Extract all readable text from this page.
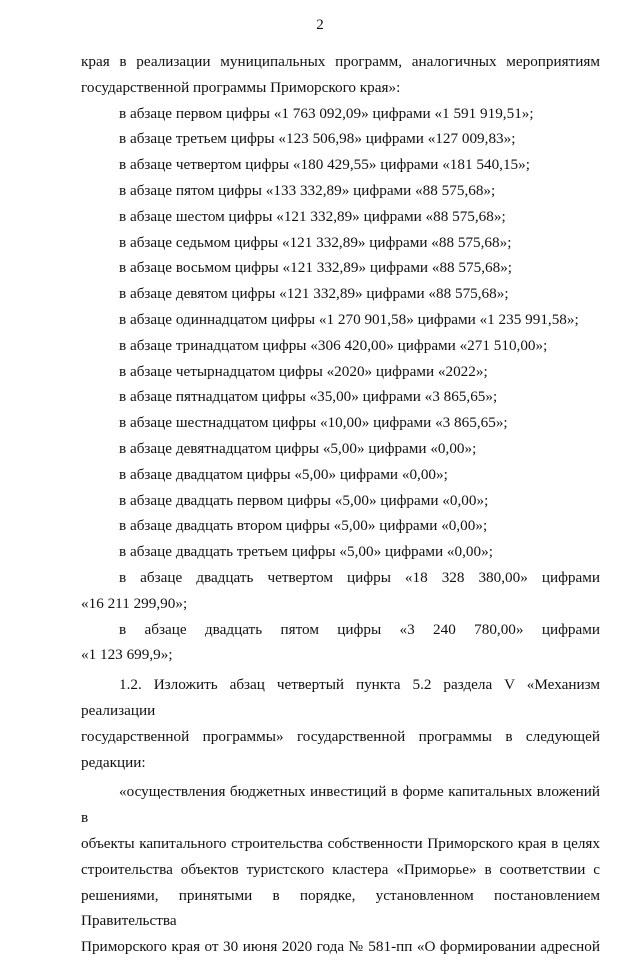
2
края в реализации муниципальных программ, аналогичных мероприятиям
государственной программы Приморского края»:
в абзаце первом цифры «1 763 092,09» цифрами «1 591 919,51»;
в абзаце третьем цифры «123 506,98» цифрами «127 009,83»;
в абзаце четвертом цифры «180 429,55» цифрами «181 540,15»;
в абзаце пятом цифры «133 332,89» цифрами «88 575,68»;
в абзаце шестом цифры «121 332,89» цифрами «88 575,68»;
в абзаце седьмом цифры «121 332,89» цифрами «88 575,68»;
в абзаце восьмом цифры «121 332,89» цифрами «88 575,68»;
в абзаце девятом цифры «121 332,89» цифрами «88 575,68»;
в абзаце одиннадцатом цифры «1 270 901,58» цифрами «1 235 991,58»;
в абзаце тринадцатом цифры «306 420,00» цифрами «271 510,00»;
в абзаце четырнадцатом цифры «2020» цифрами «2022»;
в абзаце пятнадцатом цифры «35,00» цифрами «3 865,65»;
в абзаце шестнадцатом цифры «10,00» цифрами «3 865,65»;
в абзаце девятнадцатом цифры «5,00» цифрами «0,00»;
в абзаце двадцатом цифры «5,00» цифрами «0,00»;
в абзаце двадцать первом цифры «5,00» цифрами «0,00»;
в абзаце двадцать втором цифры «5,00» цифрами «0,00»;
в абзаце двадцать третьем цифры «5,00» цифрами «0,00»;
в абзаце двадцать четвертом цифры «18 328 380,00» цифрами
«16 211 299,90»;
в абзаце двадцать пятом цифры «3 240 780,00» цифрами
«1 123 699,9»;
1.2. Изложить абзац четвертый пункта 5.2 раздела V «Механизм реализации
государственной программы» государственной программы в следующей редакции:
«осуществления бюджетных инвестиций в форме капитальных вложений в
объекты капитального строительства собственности Приморского края в целях
строительства объектов туристского кластера «Приморье» в соответствии с
решениями, принятыми в порядке, установленном постановлением Правительства
Приморского края от 30 июня 2020 года № 581-пп «О формировании адресной
